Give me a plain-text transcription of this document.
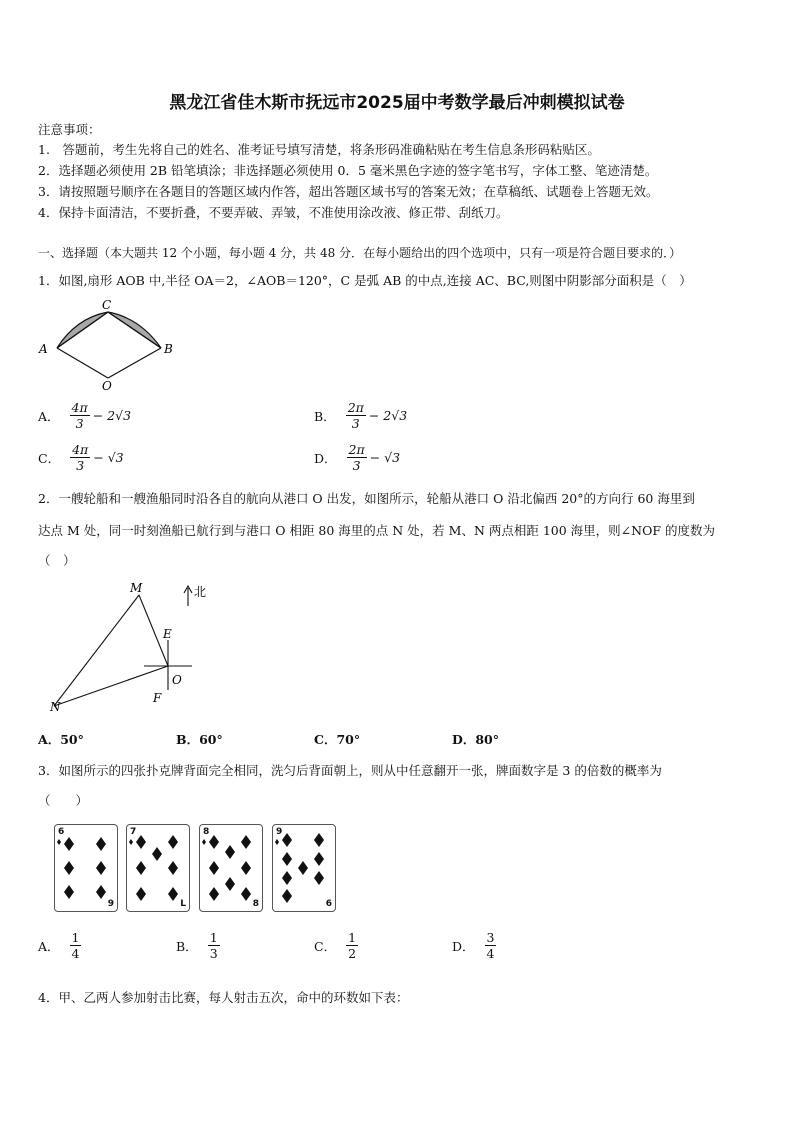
黑龙江省佳木斯市抚远市2025届中考数学最后冲刺模拟试卷
注意事项：
1.　答题前，考生先将自己的姓名、准考证号填写清楚，将条形码准确粘贴在考生信息条形码粘贴区。
2．选择题必须使用 2B 铅笔填涂；非选择题必须使用 0．5 毫米黑色字迹的签字笔书写，字体工整、笔迹清楚。
3．请按照题号顺序在各题目的答题区域内作答，超出答题区域书写的答案无效；在草稿纸、试题卷上答题无效。
4．保持卡面清洁，不要折叠，不要弄破、弄皱，不准使用涂改液、修正带、刮纸刀。
一、选择题（本大题共 12 个小题，每小题 4 分，共 48 分．在每小题给出的四个选项中，只有一项是符合题目要求的．）
1．如图,扇形 AOB 中,半径 OA＝2，∠AOB＝120°，C 是弧 AB 的中点,连接 AC、BC,则图中阴影部分面积是（　）
C
A	B
O
A． $\frac{4\pi}{3} - 2√3$	B． $\frac{2\pi}{3} - 2√3$
C． $\frac{4\pi}{3} - √3$	D． $\frac{2\pi}{3} - √3$
2．一艘轮船和一艘渔船同时沿各自的航向从港口 O 出发，如图所示，轮船从港口 O 沿北偏西 20°的方向行 60 海里到
达点 M 处，同一时刻渔船已航行到与港口 O 相距 80 海里的点 N 处，若 M、N 两点相距 100 海里，则∠NOF 的度数为
（　）
北
M
N
E
O
F
A．50°	B．60°	C．70°	D．80°
3．如图所示的四张扑克牌背面完全相同，洗匀后背面朝上，则从中任意翻开一张，牌面数字是 3 的倍数的概率为
（　　）
6
9
7
L
8
8
9
6
A． $\frac{1}{4}$	B． $\frac{1}{3}$	C． $\frac{1}{2}$	D． $\frac{3}{4}$
4．甲、乙两人参加射击比赛，每人射击五次，命中的环数如下表：
